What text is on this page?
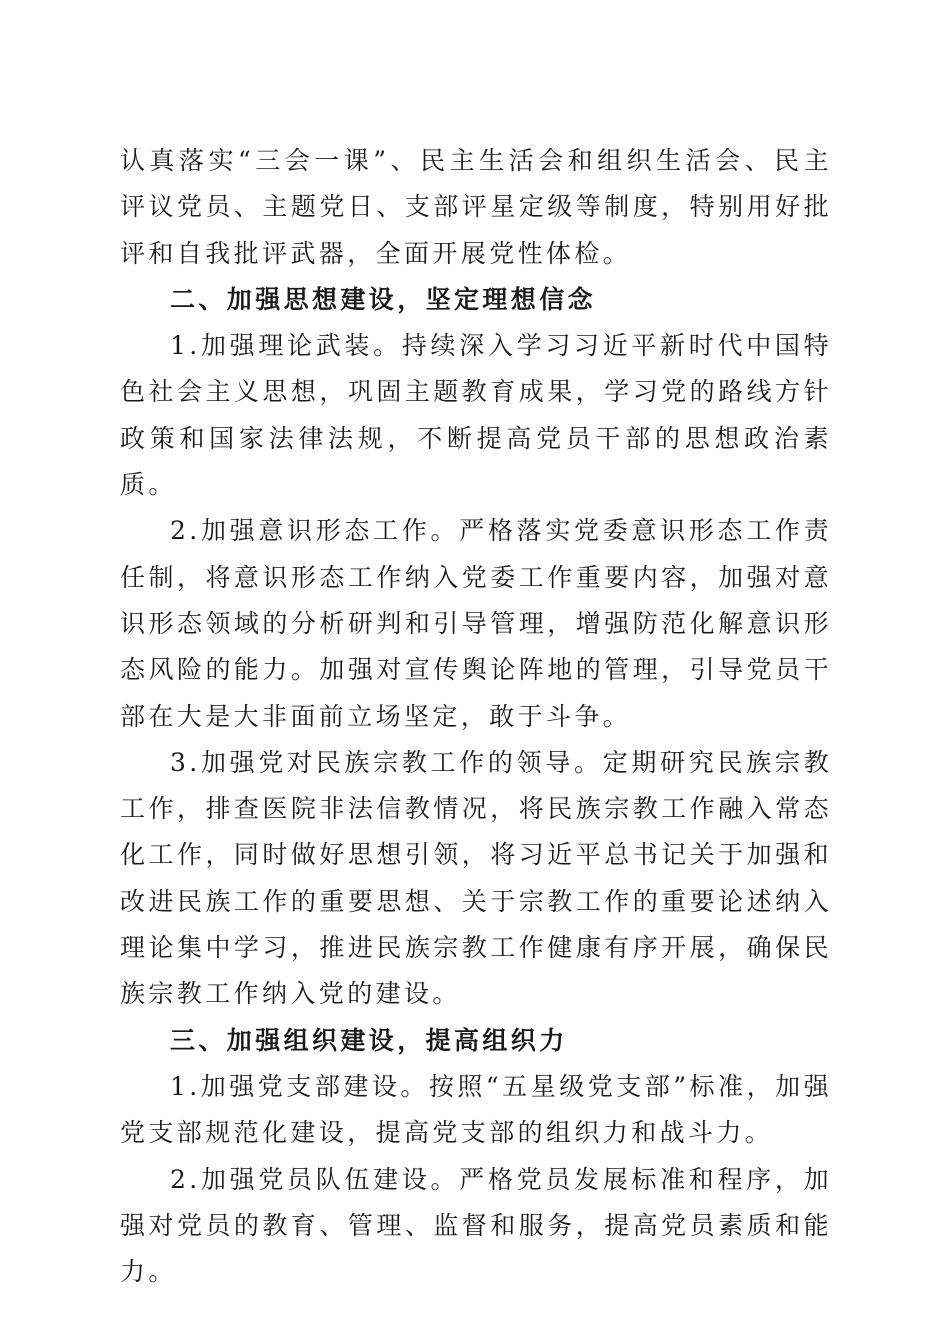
认真落实“三会一课”、民主生活会和组织生活会、民主评议党员、主题党日、支部评星定级等制度，特别用好批评和自我批评武器，全面开展党性体检。

二、加强思想建设，坚定理想信念

1.加强理论武装。持续深入学习习近平新时代中国特色社会主义思想，巩固主题教育成果，学习党的路线方针政策和国家法律法规，不断提高党员干部的思想政治素质。

2.加强意识形态工作。严格落实党委意识形态工作责任制，将意识形态工作纳入党委工作重要内容，加强对意识形态领域的分析研判和引导管理，增强防范化解意识形态风险的能力。加强对宣传舆论阵地的管理，引导党员干部在大是大非面前立场坚定，敢于斗争。

3.加强党对民族宗教工作的领导。定期研究民族宗教工作，排查医院非法信教情况，将民族宗教工作融入常态化工作，同时做好思想引领，将习近平总书记关于加强和改进民族工作的重要思想、关于宗教工作的重要论述纳入理论集中学习，推进民族宗教工作健康有序开展，确保民族宗教工作纳入党的建设。

三、加强组织建设，提高组织力

1.加强党支部建设。按照“五星级党支部”标准，加强党支部规范化建设，提高党支部的组织力和战斗力。

2.加强党员队伍建设。严格党员发展标准和程序，加强对党员的教育、管理、监督和服务，提高党员素质和能力。
